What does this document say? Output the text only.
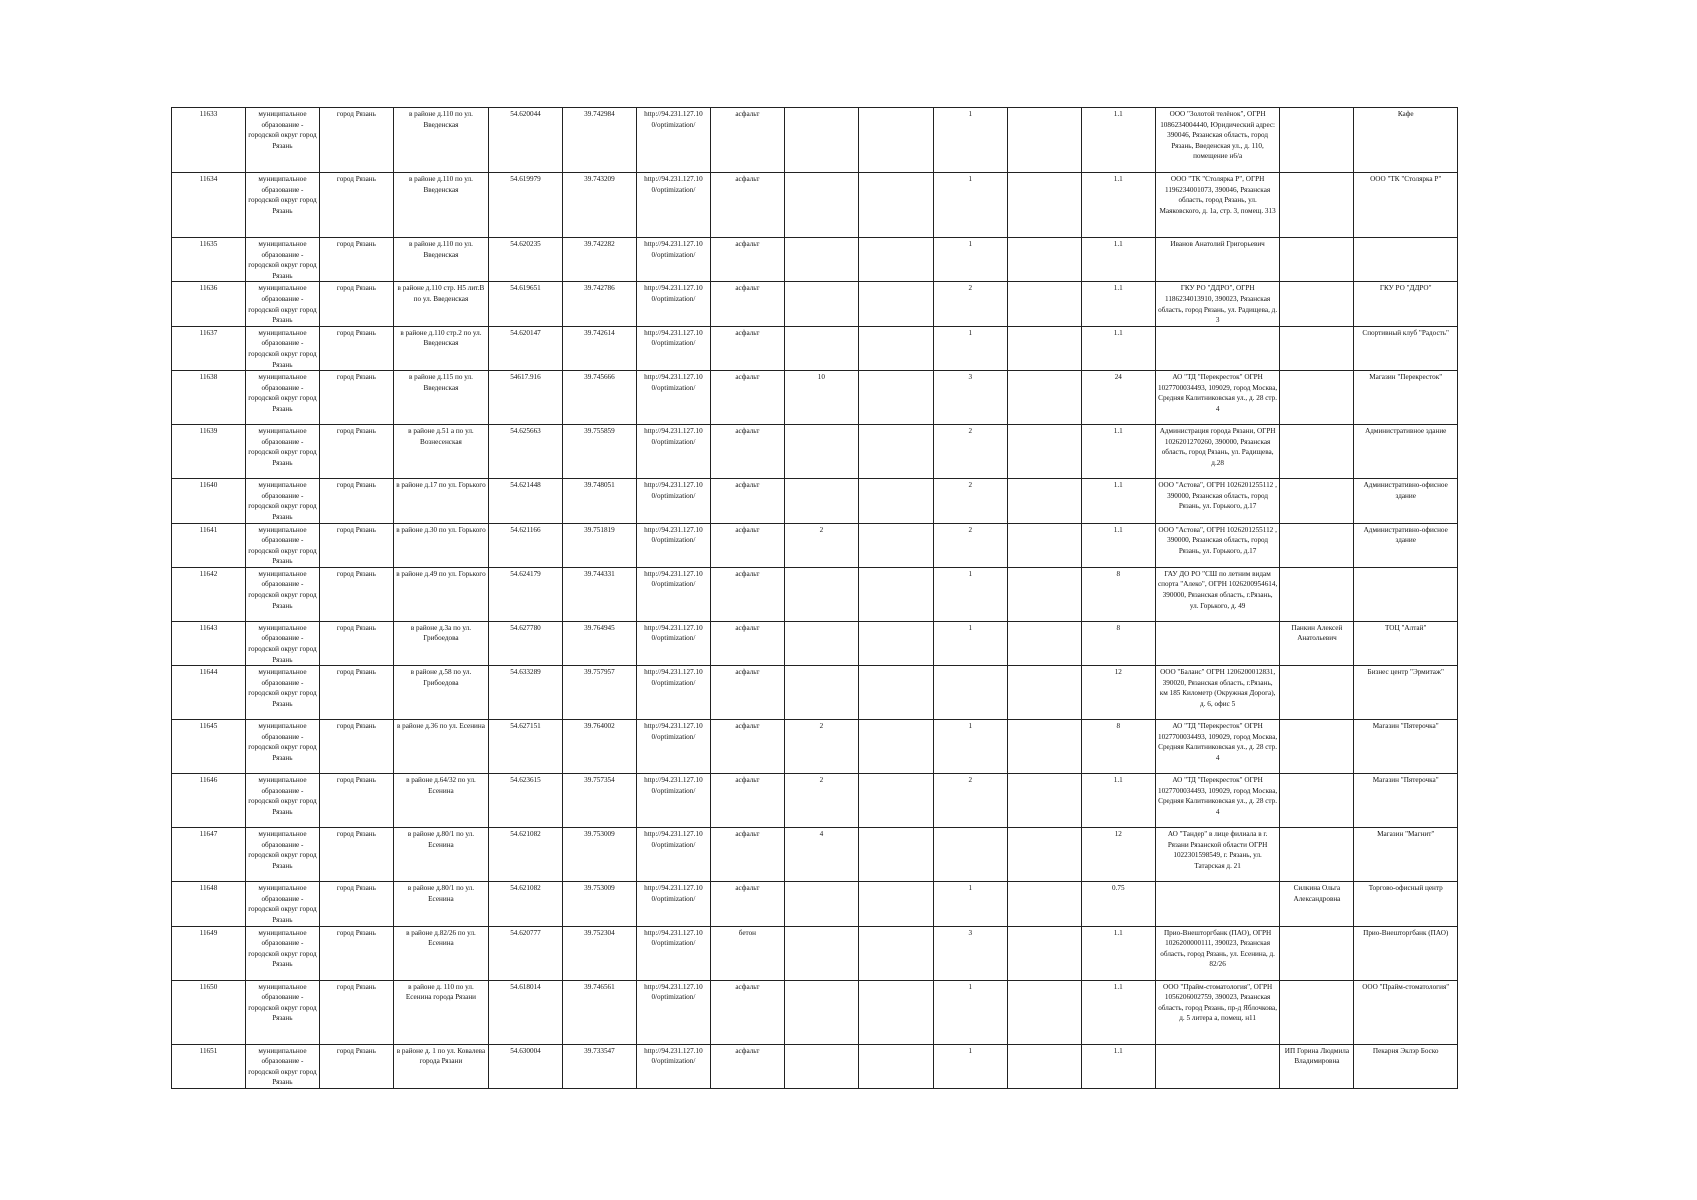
11633	муниципальное образование - городской округ город Рязань	город Рязань	в районе д.110 по ул. Введенская	54.620044	39.742984	http://94.231.127.10 0/optimization/	асфальт			1		1.1	ООО "Золотой телёнок", ОГРН 1086234004440, Юридический адрес: 390046, Рязанская область, город Рязань, Введенская ул., д. 110, помещение н6/а		Кафе
11634	муниципальное образование - городской округ город Рязань	город Рязань	в районе д.110 по ул. Введенская	54.619979	39.743209	http://94.231.127.10 0/optimization/	асфальт			1		1.1	ООО "ТК "Столярка Р", ОГРН 1196234001073, 390046, Рязанская область, город Рязань, ул. Маяковского, д. 1а, стр. 3, помещ. 313		ООО "ТК "Столярка Р"
11635	муниципальное образование - городской округ город Рязань	город Рязань	в районе д.110 по ул. Введенская	54.620235	39.742282	http://94.231.127.10 0/optimization/	асфальт			1		1.1	Иванов Анатолий Григорьевич		
11636	муниципальное образование - городской округ город Рязань	город Рязань	в районе д.110 стр. Н5 лит.В по ул. Введенская	54.619651	39.742786	http://94.231.127.10 0/optimization/	асфальт			2		1.1	ГКУ РО "ДДРО", ОГРН 1186234013910, 390023, Рязанская область, город Рязань, ул. Радищева, д. 3		ГКУ РО "ДДРО"
11637	муниципальное образование - городской округ город Рязань	город Рязань	в районе д.110 стр.2 по ул. Введенская	54.620147	39.742614	http://94.231.127.10 0/optimization/	асфальт			1		1.1			Спортивный клуб "Радость"
11638	муниципальное образование - городской округ город Рязань	город Рязань	в районе д.115 по ул. Введенская	54617.916	39.745666	http://94.231.127.10 0/optimization/	асфальт	10		3		24	АО "ТД "Перекресток" ОГРН 1027700034493, 109029, город Москва, Средняя Калитниковская ул., д. 28 стр. 4		Магазин "Перекресток"
11639	муниципальное образование - городской округ город Рязань	город Рязань	в районе д.51 а по ул. Вознесенская	54.625663	39.755859	http://94.231.127.10 0/optimization/	асфальт			2		1.1	Администрация города Рязани, ОГРН 1026201270260, 390000, Рязанская область, город Рязань, ул. Радищева, д.28		Административное здание
11640	муниципальное образование - городской округ город Рязань	город Рязань	в районе д.17 по ул. Горького	54.621448	39.748051	http://94.231.127.10 0/optimization/	асфальт			2		1.1	ООО "Астова", ОГРН 1026201255112 , 390000, Рязанская область, город Рязань, ул. Горького, д.17		Административно-офисное здание
11641	муниципальное образование - городской округ город Рязань	город Рязань	в районе д.30 по ул. Горького	54.621166	39.751819	http://94.231.127.10 0/optimization/	асфальт	2		2		1.1	ООО "Астова", ОГРН 1026201255112 , 390000, Рязанская область, город Рязань, ул. Горького, д.17		Административно-офисное здание
11642	муниципальное образование - городской округ город Рязань	город Рязань	в районе д.49 по ул. Горького	54.624179	39.744331	http://94.231.127.10 0/optimization/	асфальт			1		8	ГАУ ДО РО "СШ по летним видам спорта "Алеко", ОГРН 1026200954614, 390000, Рязанская область, г.Рязань, ул. Горького, д. 49		
11643	муниципальное образование - городской округ город Рязань	город Рязань	в районе д.3а по ул. Грибоедова	54.627780	39.764945	http://94.231.127.10 0/optimization/	асфальт			1		8		Панкин Алексей Анатольевич	ТОЦ "Алтай"
11644	муниципальное образование - городской округ город Рязань	город Рязань	в районе д.58 по ул. Грибоедова	54.633289	39.757957	http://94.231.127.10 0/optimization/	асфальт					12	ООО "Баланс" ОГРН 1206200012831, 390020, Рязанская область, г.Рязань, км 185 Километр (Окружная Дорога), д. 6, офис 5		Бизнес центр "Эрмитаж"
11645	муниципальное образование - городской округ город Рязань	город Рязань	в районе д.36 по ул. Есенина	54.627151	39.764002	http://94.231.127.10 0/optimization/	асфальт	2		1		8	АО "ТД "Перекресток" ОГРН 1027700034493, 109029, город Москва, Средняя Калитниковская ул., д. 28 стр. 4		Магазин "Пятерочка"
11646	муниципальное образование - городской округ город Рязань	город Рязань	в районе д.64/32 по ул. Есенина	54.623615	39.757354	http://94.231.127.10 0/optimization/	асфальт	2		2		1.1	АО "ТД "Перекресток" ОГРН 1027700034493, 109029, город Москва, Средняя Калитниковская ул., д. 28 стр. 4		Магазин "Пятерочка"
11647	муниципальное образование - городской округ город Рязань	город Рязань	в районе д.80/1 по ул. Есенина	54.621082	39.753009	http://94.231.127.10 0/optimization/	асфальт	4				12	АО "Тандер" в лице филиала в г. Рязани Рязанской области ОГРН 1022301598549, г. Рязань, ул. Татарская д. 21		Магазин "Магнит"
11648	муниципальное образование - городской округ город Рязань	город Рязань	в районе д.80/1 по ул. Есенина	54.621082	39.753009	http://94.231.127.10 0/optimization/	асфальт			1		0.75		Силкина Ольга Александровна	Торгово-офисный центр
11649	муниципальное образование - городской округ город Рязань	город Рязань	в районе д.82/26 по ул. Есенина	54.620777	39.752304	http://94.231.127.10 0/optimization/	бетон			3		1.1	Прио-Внешторгбанк (ПАО), ОГРН 1026200000111, 390023, Рязанская область, город Рязань, ул. Есенина, д. 82/26		Прио-Внешторгбанк (ПАО)
11650	муниципальное образование - городской округ город Рязань	город Рязань	в районе д. 110 по ул. Есенина города Рязани	54.618014	39.746561	http://94.231.127.10 0/optimization/	асфальт			1		1.1	ООО "Прайм-стоматология", ОГРН 1056206002759, 390023, Рязанская область, город Рязань, пр-д Яблочкова, д. 5 литера а, помещ. н11		ООО "Прайм-стоматология"
11651	муниципальное образование - городской округ город Рязань	город Рязань	в районе д. 1 по ул. Ковалева города Рязани	54.630004	39.733547	http://94.231.127.10 0/optimization/	асфальт			1		1.1		ИП Горина Людмила Владимировна	Пекарня Эклэр Боско
